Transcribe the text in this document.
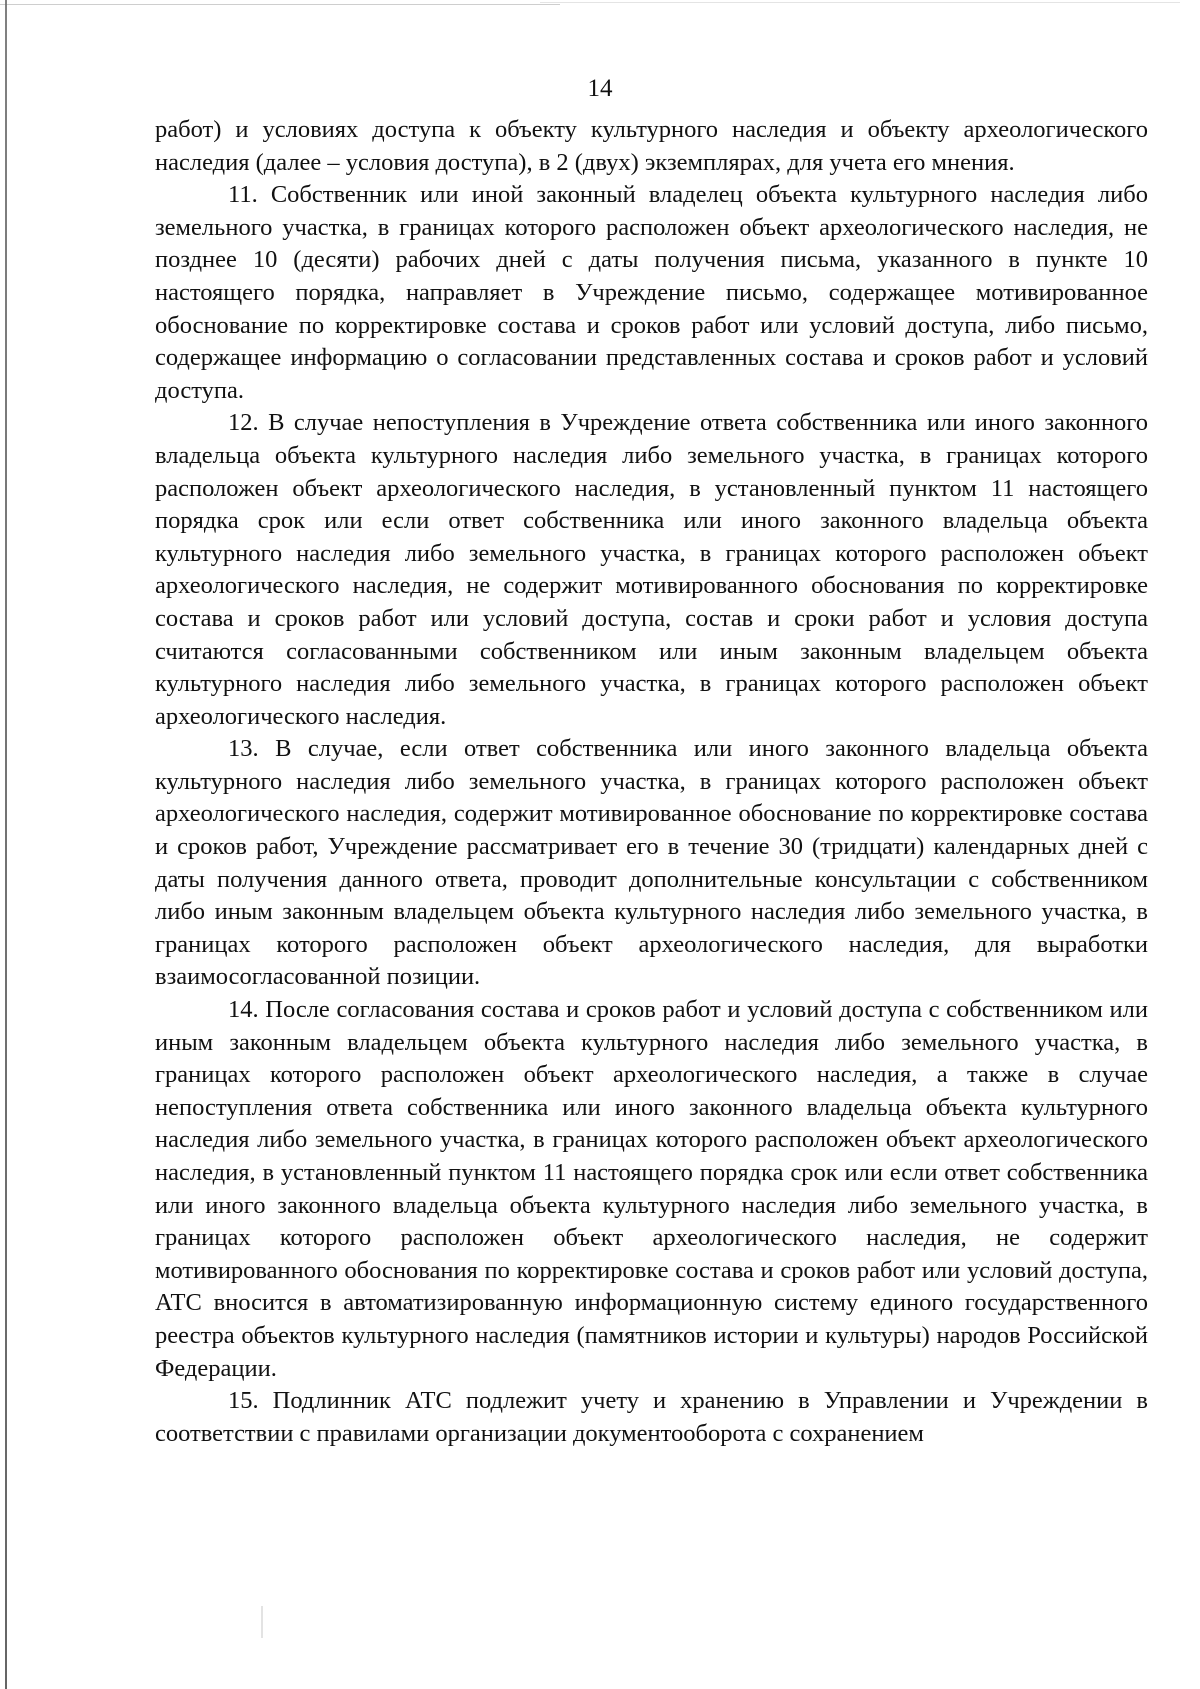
14

работ) и условиях доступа к объекту культурного наследия и объекту археологического наследия (далее – условия доступа), в 2 (двух) экземплярах, для учета его мнения.

11. Собственник или иной законный владелец объекта культурного наследия либо земельного участка, в границах которого расположен объект археологического наследия, не позднее 10 (десяти) рабочих дней с даты получения письма, указанного в пункте 10 настоящего порядка, направляет в Учреждение письмо, содержащее мотивированное обоснование по корректировке состава и сроков работ или условий доступа, либо письмо, содержащее информацию о согласовании представленных состава и сроков работ и условий доступа.

12. В случае непоступления в Учреждение ответа собственника или иного законного владельца объекта культурного наследия либо земельного участка, в границах которого расположен объект археологического наследия, в установленный пунктом 11 настоящего порядка срок или если ответ собственника или иного законного владельца объекта культурного наследия либо земельного участка, в границах которого расположен объект археологического наследия, не содержит мотивированного обоснования по корректировке состава и сроков работ или условий доступа, состав и сроки работ и условия доступа считаются согласованными собственником или иным законным владельцем объекта культурного наследия либо земельного участка, в границах которого расположен объект археологического наследия.

13. В случае, если ответ собственника или иного законного владельца объекта культурного наследия либо земельного участка, в границах которого расположен объект археологического наследия, содержит мотивированное обоснование по корректировке состава и сроков работ, Учреждение рассматривает его в течение 30 (тридцати) календарных дней с даты получения данного ответа, проводит дополнительные консультации с собственником либо иным законным владельцем объекта культурного наследия либо земельного участка, в границах которого расположен объект археологического наследия, для выработки взаимосогласованной позиции.

14. После согласования состава и сроков работ и условий доступа с собственником или иным законным владельцем объекта культурного наследия либо земельного участка, в границах которого расположен объект археологического наследия, а также в случае непоступления ответа собственника или иного законного владельца объекта культурного наследия либо земельного участка, в границах которого расположен объект археологического наследия, в установленный пунктом 11 настоящего порядка срок или если ответ собственника или иного законного владельца объекта культурного наследия либо земельного участка, в границах которого расположен объект археологического наследия, не содержит мотивированного обоснования по корректировке состава и сроков работ или условий доступа, АТС вносится в автоматизированную информационную систему единого государственного реестра объектов культурного наследия (памятников истории и культуры) народов Российской Федерации.

15. Подлинник АТС подлежит учету и хранению в Управлении и Учреждении в соответствии с правилами организации документооборота с сохранением
